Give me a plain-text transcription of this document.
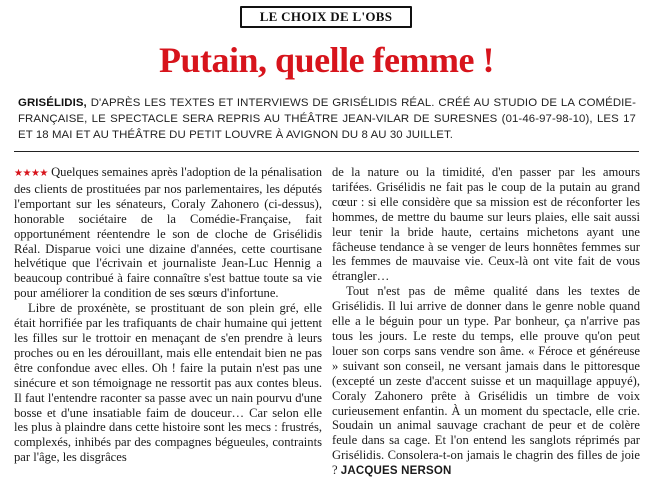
LE CHOIX DE L'OBS
Putain, quelle femme !
GRISÉLIDIS, D'APRÈS LES TEXTES ET INTERVIEWS DE GRISÉLIDIS RÉAL. CRÉÉ AU STUDIO DE LA COMÉDIE-FRANÇAISE, LE SPECTACLE SERA REPRIS AU THÉÂTRE JEAN-VILAR DE SURESNES (01-46-97-98-10), LES 17 ET 18 MAI ET AU THÉÂTRE DU PETIT LOUVRE À AVIGNON DU 8 AU 30 JUILLET.

★★★★ Quelques semaines après l'adoption de la pénalisation des clients de prostituées par nos parlementaires, les députés l'emportant sur les sénateurs, Coraly Zahonero (ci-dessus), honorable sociétaire de la Comédie-Française, fait opportunément réentendre le son de cloche de Grisélidis Réal. Disparue voici une dizaine d'années, cette courtisane helvétique que l'écrivain et journaliste Jean-Luc Hennig a beaucoup contribué à faire connaître s'est battue toute sa vie pour améliorer la condition de ses sœurs d'infortune.

Libre de proxénète, se prostituant de son plein gré, elle était horrifiée par les trafiquants de chair humaine qui jettent les filles sur le trottoir en menaçant de s'en prendre à leurs proches ou en les dérouillant, mais elle entendait bien ne pas être confondue avec elles. Oh ! faire la putain n'est pas une sinécure et son témoignage ne ressortit pas aux contes bleus. Il faut l'entendre raconter sa passe avec un nain pourvu d'une bosse et d'une insatiable faim de douceur… Car selon elle les plus à plaindre dans cette histoire sont les mecs : frustrés, complexés, inhibés par des compagnes bégueules, contraints par l'âge, les disgrâces

de la nature ou la timidité, d'en passer par les amours tarifées. Grisélidis ne fait pas le coup de la putain au grand cœur : si elle considère que sa mission est de réconforter les hommes, de mettre du baume sur leurs plaies, elle sait aussi leur tenir la bride haute, certains michetons ayant une fâcheuse tendance à se venger de leurs honnêtes femmes sur les femmes de mauvaise vie. Ceux-là ont vite fait de vous étrangler…

Tout n'est pas de même qualité dans les textes de Grisélidis. Il lui arrive de donner dans le genre noble quand elle a le béguin pour un type. Par bonheur, ça n'arrive pas tous les jours. Le reste du temps, elle prouve qu'on peut louer son corps sans vendre son âme. « Féroce et généreuse » suivant son conseil, ne versant jamais dans le pittoresque (excepté un zeste d'accent suisse et un maquillage appuyé), Coraly Zahonero prête à Grisélidis un timbre de voix curieusement enfantin. À un moment du spectacle, elle crie. Soudain un animal sauvage crachant de peur et de colère feule dans sa cage. Et l'on entend les sanglots réprimés par Grisélidis. Consolera-t-on jamais le chagrin des filles de joie ? JACQUES NERSON
